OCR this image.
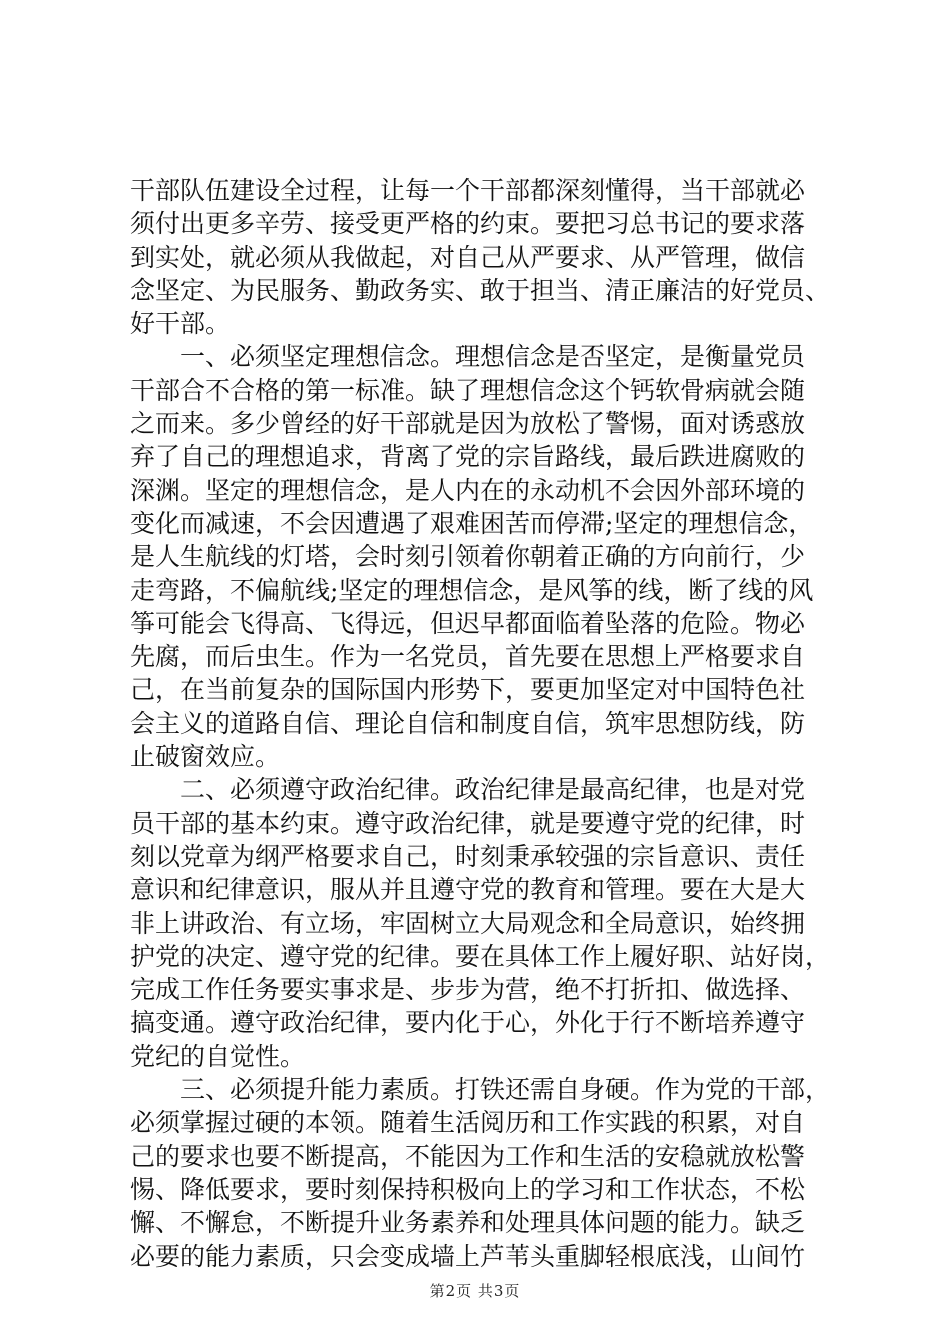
干部队伍建设全过程，让每一个干部都深刻懂得，当干部就必
须付出更多辛劳、接受更严格的约束。要把习总书记的要求落
到实处，就必须从我做起，对自己从严要求、从严管理，做信
念坚定、为民服务、勤政务实、敢于担当、清正廉洁的好党员、
好干部。
　　一、必须坚定理想信念。理想信念是否坚定，是衡量党员
干部合不合格的第一标准。缺了理想信念这个钙软骨病就会随
之而来。多少曾经的好干部就是因为放松了警惕，面对诱惑放
弃了自己的理想追求，背离了党的宗旨路线，最后跌进腐败的
深渊。坚定的理想信念，是人内在的永动机不会因外部环境的
变化而减速，不会因遭遇了艰难困苦而停滞;坚定的理想信念，
是人生航线的灯塔，会时刻引领着你朝着正确的方向前行，少
走弯路，不偏航线;坚定的理想信念，是风筝的线，断了线的风
筝可能会飞得高、飞得远，但迟早都面临着坠落的危险。物必
先腐，而后虫生。作为一名党员，首先要在思想上严格要求自
己，在当前复杂的国际国内形势下，要更加坚定对中国特色社
会主义的道路自信、理论自信和制度自信，筑牢思想防线，防
止破窗效应。
　　二、必须遵守政治纪律。政治纪律是最高纪律，也是对党
员干部的基本约束。遵守政治纪律，就是要遵守党的纪律，时
刻以党章为纲严格要求自己，时刻秉承较强的宗旨意识、责任
意识和纪律意识，服从并且遵守党的教育和管理。要在大是大
非上讲政治、有立场，牢固树立大局观念和全局意识，始终拥
护党的决定、遵守党的纪律。要在具体工作上履好职、站好岗，
完成工作任务要实事求是、步步为营，绝不打折扣、做选择、
搞变通。遵守政治纪律，要内化于心，外化于行不断培养遵守
党纪的自觉性。
　　三、必须提升能力素质。打铁还需自身硬。作为党的干部，
必须掌握过硬的本领。随着生活阅历和工作实践的积累，对自
己的要求也要不断提高，不能因为工作和生活的安稳就放松警
惕、降低要求，要时刻保持积极向上的学习和工作状态，不松
懈、不懈怠，不断提升业务素养和处理具体问题的能力。缺乏
必要的能力素质，只会变成墙上芦苇头重脚轻根底浅，山间竹
第2页 共3页
